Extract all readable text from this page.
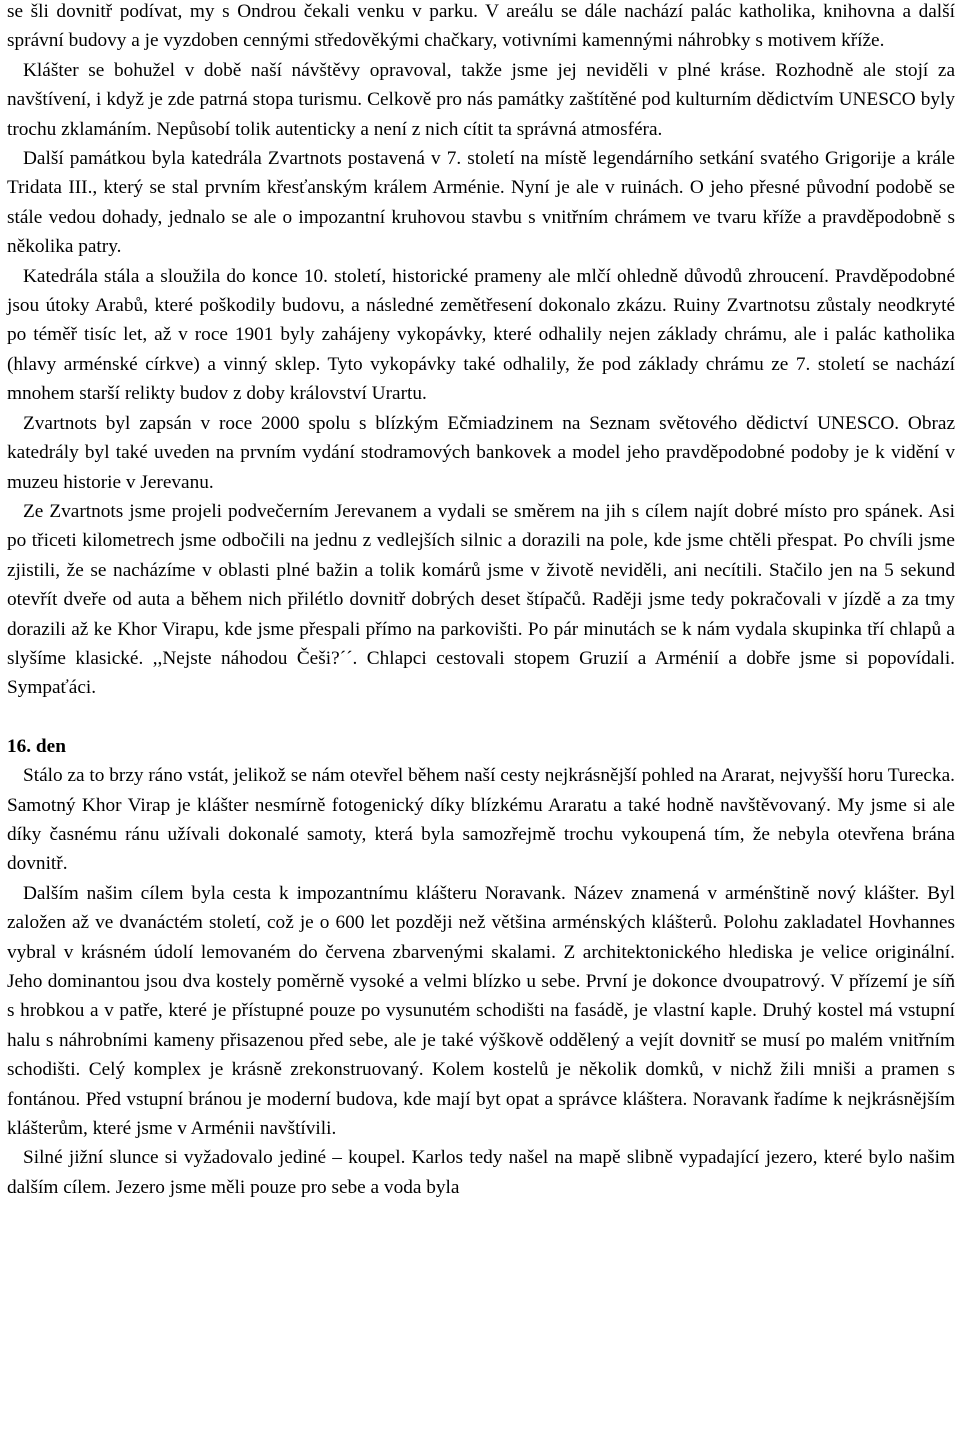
se šli dovnitř podívat, my s Ondrou čekali venku v parku. V areálu se dále nachází palác katholika, knihovna a další správní budovy a je vyzdoben cennými středověkými chačkary, votivními kamennými náhrobky s motivem kříže.

Klášter se bohužel v době naší návštěvy opravoval, takže jsme jej neviděli v plné kráse. Rozhodně ale stojí za navštívení, i když je zde patrná stopa turismu. Celkově pro nás památky zaštítěné pod kulturním dědictvím UNESCO byly trochu zklamáním. Nepůsobí tolik autenticky a není z nich cítit ta správná atmosféra.

Další památkou byla katedrála Zvartnots postavená v 7. století na místě legendárního setkání svatého Grigorije a krále Tridata III., který se stal prvním křesťanským králem Arménie. Nyní je ale v ruinách. O jeho přesné původní podobě se stále vedou dohady, jednalo se ale o impozantní kruhovou stavbu s vnitřním chrámem ve tvaru kříže a pravděpodobně s několika patry.

Katedrála stála a sloužila do konce 10. století, historické prameny ale mlčí ohledně důvodů zhroucení. Pravděpodobné jsou útoky Arabů, které poškodily budovu, a následné zemětřesení dokonalo zkázu. Ruiny Zvartnotsu zůstaly neodkryté po téměř tisíc let, až v roce 1901 byly zahájeny vykopávky, které odhalily nejen základy chrámu, ale i palác katholika (hlavy arménské církve) a vinný sklep. Tyto vykopávky také odhalily, že pod základy chrámu ze 7. století se nachází mnohem starší relikty budov z doby království Urartu.

Zvartnots byl zapsán v roce 2000 spolu s blízkým Ečmiadzinem na Seznam světového dědictví UNESCO. Obraz katedrály byl také uveden na prvním vydání stodramových bankovek a model jeho pravděpodobné podoby je k vidění v muzeu historie v Jerevanu.

Ze Zvartnots jsme projeli podvečerním Jerevanem a vydali se směrem na jih s cílem najít dobré místo pro spánek. Asi po třiceti kilometrech jsme odbočili na jednu z vedlejších silnic a dorazili na pole, kde jsme chtěli přespat. Po chvíli jsme zjistili, že se nacházíme v oblasti plné bažin a tolik komárů jsme v životě neviděli, ani necítili. Stačilo jen na 5 sekund otevřít dveře od auta a během nich přilétlo dovnitř dobrých deset štípačů. Raději jsme tedy pokračovali v jízdě a za tmy dorazili až ke Khor Virapu, kde jsme přespali přímo na parkovišti. Po pár minutách se k nám vydala skupinka tří chlapů a slyšíme klasické. ,,Nejste náhodou Češi?´´. Chlapci cestovali stopem Gruzií a Arménií a dobře jsme si popovídali. Sympaťáci.

16. den

Stálo za to brzy ráno vstát, jelikož se nám otevřel během naší cesty nejkrásnější pohled na Ararat, nejvyšší horu Turecka. Samotný Khor Virap je klášter nesmírně fotogenický díky blízkému Araratu a také hodně navštěvovaný. My jsme si ale díky časnému ránu užívali dokonalé samoty, která byla samozřejmě trochu vykoupená tím, že nebyla otevřena brána dovnitř.

Dalším našim cílem byla cesta k impozantnímu klášteru Noravank. Název znamená v arménštině nový klášter. Byl založen až ve dvanáctém století, což je o 600 let později než většina arménských klášterů. Polohu zakladatel Hovhannes vybral v krásném údolí lemovaném do červena zbarvenými skalami. Z architektonického hlediska je velice originální. Jeho dominantou jsou dva kostely poměrně vysoké a velmi blízko u sebe. První je dokonce dvoupatrový. V přízemí je síň s hrobkou a v patře, které je přístupné pouze po vysunutém schodišti na fasádě, je vlastní kaple. Druhý kostel má vstupní halu s náhrobními kameny přisazenou před sebe, ale je také výškově oddělený a vejít dovnitř se musí po malém vnitřním schodišti. Celý komplex je krásně zrekonstruovaný. Kolem kostelů je několik domků, v nichž žili mniši a pramen s fontánou. Před vstupní bránou je moderní budova, kde mají byt opat a správce kláštera. Noravank řadíme k nejkrásnějším klášterům, které jsme v Arménii navštívili.

Silné jižní slunce si vyžadovalo jediné – koupel. Karlos tedy našel na mapě slibně vypadající jezero, které bylo našim dalším cílem. Jezero jsme měli pouze pro sebe a voda byla
